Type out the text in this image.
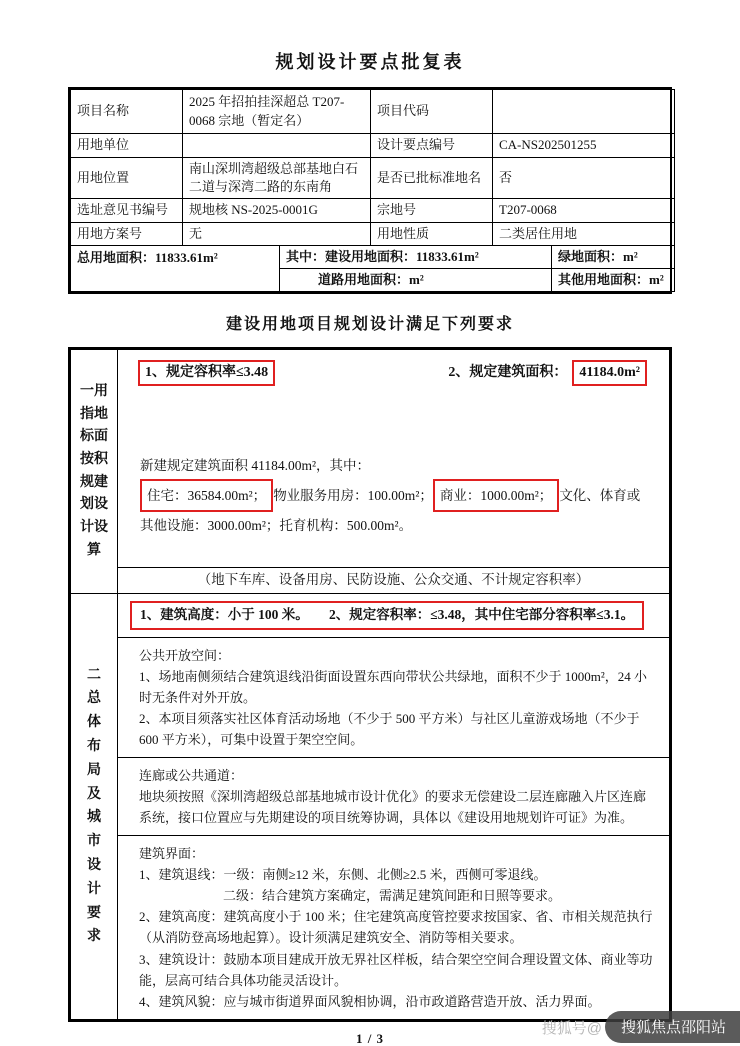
规划设计要点批复表
项目名称	2025 年招拍挂深超总 T207-0068 宗地（暂定名）	项目代码	
用地单位		设计要点编号	CA-NS202501255
用地位置	南山深圳湾超级总部基地白石二道与深湾二路的东南角	是否已批标准地名	否
选址意见书编号	规地核 NS-2025-0001G	宗地号	T207-0068
用地方案号	无	用地性质	二类居住用地
总用地面积：11833.61m²	其中：建设用地面积：11833.61m²	绿地面积：m²
	道路用地面积：m²	其他用地面积：m²
建设用地项目规划设计满足下列要求
一用指地标面按积规建划设计设算	1、规定容积率≤3.48 2、规定建筑面积： 41184.0m²
新建规定建筑面积 41184.00m²，其中：
住宅：36584.00m²； 物业服务用房：100.00m²； 商业：1000.00m²； 文化、体育或其他设施：3000.00m²；托育机构：500.00m²。

	（地下车库、设备用房、民防设施、公众交通、不计规定容积率）

二总体布局及城市设计要求	1、建筑高度：小于 100 米。　　2、规定容积率：≤3.48，其中住宅部分容积率≤3.1。

	公共开放空间：
1、场地南侧须结合建筑退线沿街面设置东西向带状公共绿地，面积不少于 1000m²，24 小时无条件对外开放。
2、本项目须落实社区体育活动场地（不少于 500 平方米）与社区儿童游戏场地（不少于 600 平方米），可集中设置于架空空间。

	连廊或公共通道：
地块须按照《深圳湾超级总部基地城市设计优化》的要求无偿建设二层连廊融入片区连廊系统，接口位置应与先期建设的项目统筹协调，具体以《建设用地规划许可证》为准。

建筑界面：
1、建筑退线：一级：南侧≥12 米，东侧、北侧≥2.5 米，西侧可零退线。
二级：结合建筑方案确定，需满足建筑间距和日照等要求。
2、建筑高度：建筑高度小于 100 米；住宅建筑高度管控要求按国家、省、市相关规范执行（从消防登高场地起算）。设计须满足建筑安全、消防等相关要求。
3、建筑设计：鼓励本项目建成开放无界社区样板，结合架空空间合理设置文体、商业等功能，层高可结合具体功能灵活设计。
4、建筑风貌：应与城市街道界面风貌相协调，沿市政道路营造开放、活力界面。
1 / 3
搜狐号@	搜狐焦点邵阳站
